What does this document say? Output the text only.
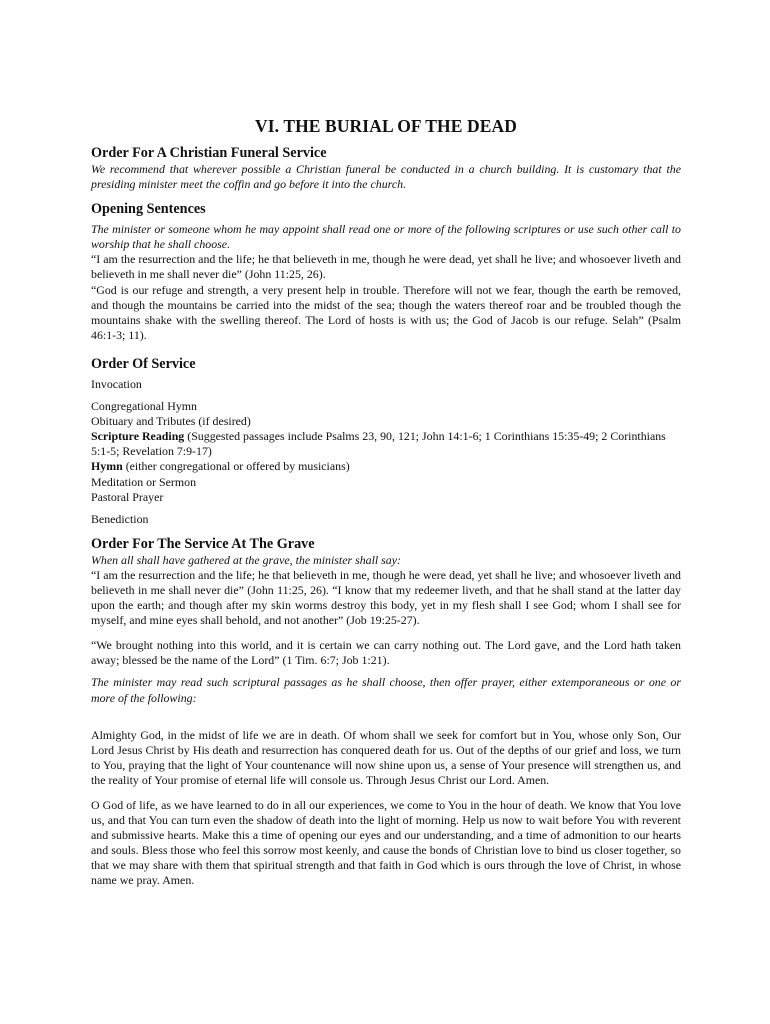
VI. THE BURIAL OF THE DEAD
Order For A Christian Funeral Service

We recommend that wherever possible a Christian funeral be conducted in a church building. It is customary that the presiding minister meet the coffin and go before it into the church.

Opening Sentences

The minister or someone whom he may appoint shall read one or more of the following scriptures or use such other call to worship that he shall choose.

“I am the resurrection and the life; he that believeth in me, though he were dead, yet shall he live; and whosoever liveth and believeth in me shall never die” (John 11:25, 26).

“God is our refuge and strength, a very present help in trouble. Therefore will not we fear, though the earth be removed, and though the mountains be carried into the midst of the sea; though the waters thereof roar and be troubled though the mountains shake with the swelling thereof. The Lord of hosts is with us; the God of Jacob is our refuge. Selah” (Psalm 46:1-3; 11).

Order Of Service

Invocation

Congregational Hymn

Obituary and Tributes (if desired)

Scripture Reading (Suggested passages include Psalms 23, 90, 121; John 14:1-6; 1 Corinthians 15:35-49; 2 Corinthians 5:1-5; Revelation 7:9-17)

Hymn (either congregational or offered by musicians)

Meditation or Sermon

Pastoral Prayer

Benediction

Order For The Service At The Grave

When all shall have gathered at the grave, the minister shall say:

“I am the resurrection and the life; he that believeth in me, though he were dead, yet shall he live; and whosoever liveth and believeth in me shall never die” (John 11:25, 26). “I know that my redeemer liveth, and that he shall stand at the latter day upon the earth; and though after my skin worms destroy this body, yet in my flesh shall I see God; whom I shall see for myself, and mine eyes shall behold, and not another” (Job 19:25-27).

“We brought nothing into this world, and it is certain we can carry nothing out. The Lord gave, and the Lord hath taken away; blessed be the name of the Lord” (1 Tim. 6:7; Job 1:21).

The minister may read such scriptural passages as he shall choose, then offer prayer, either extemporaneous or one or more of the following:

Almighty God, in the midst of life we are in death. Of whom shall we seek for comfort but in You, whose only Son, Our Lord Jesus Christ by His death and resurrection has conquered death for us. Out of the depths of our grief and loss, we turn to You, praying that the light of Your countenance will now shine upon us, a sense of Your presence will strengthen us, and the reality of Your promise of eternal life will console us. Through Jesus Christ our Lord. Amen.

O God of life, as we have learned to do in all our experiences, we come to You in the hour of death. We know that You love us, and that You can turn even the shadow of death into the light of morning. Help us now to wait before You with reverent and submissive hearts. Make this a time of opening our eyes and our understanding, and a time of admonition to our hearts and souls. Bless those who feel this sorrow most keenly, and cause the bonds of Christian love to bind us closer together, so that we may share with them that spiritual strength and that faith in God which is ours through the love of Christ, in whose name we pray. Amen.
